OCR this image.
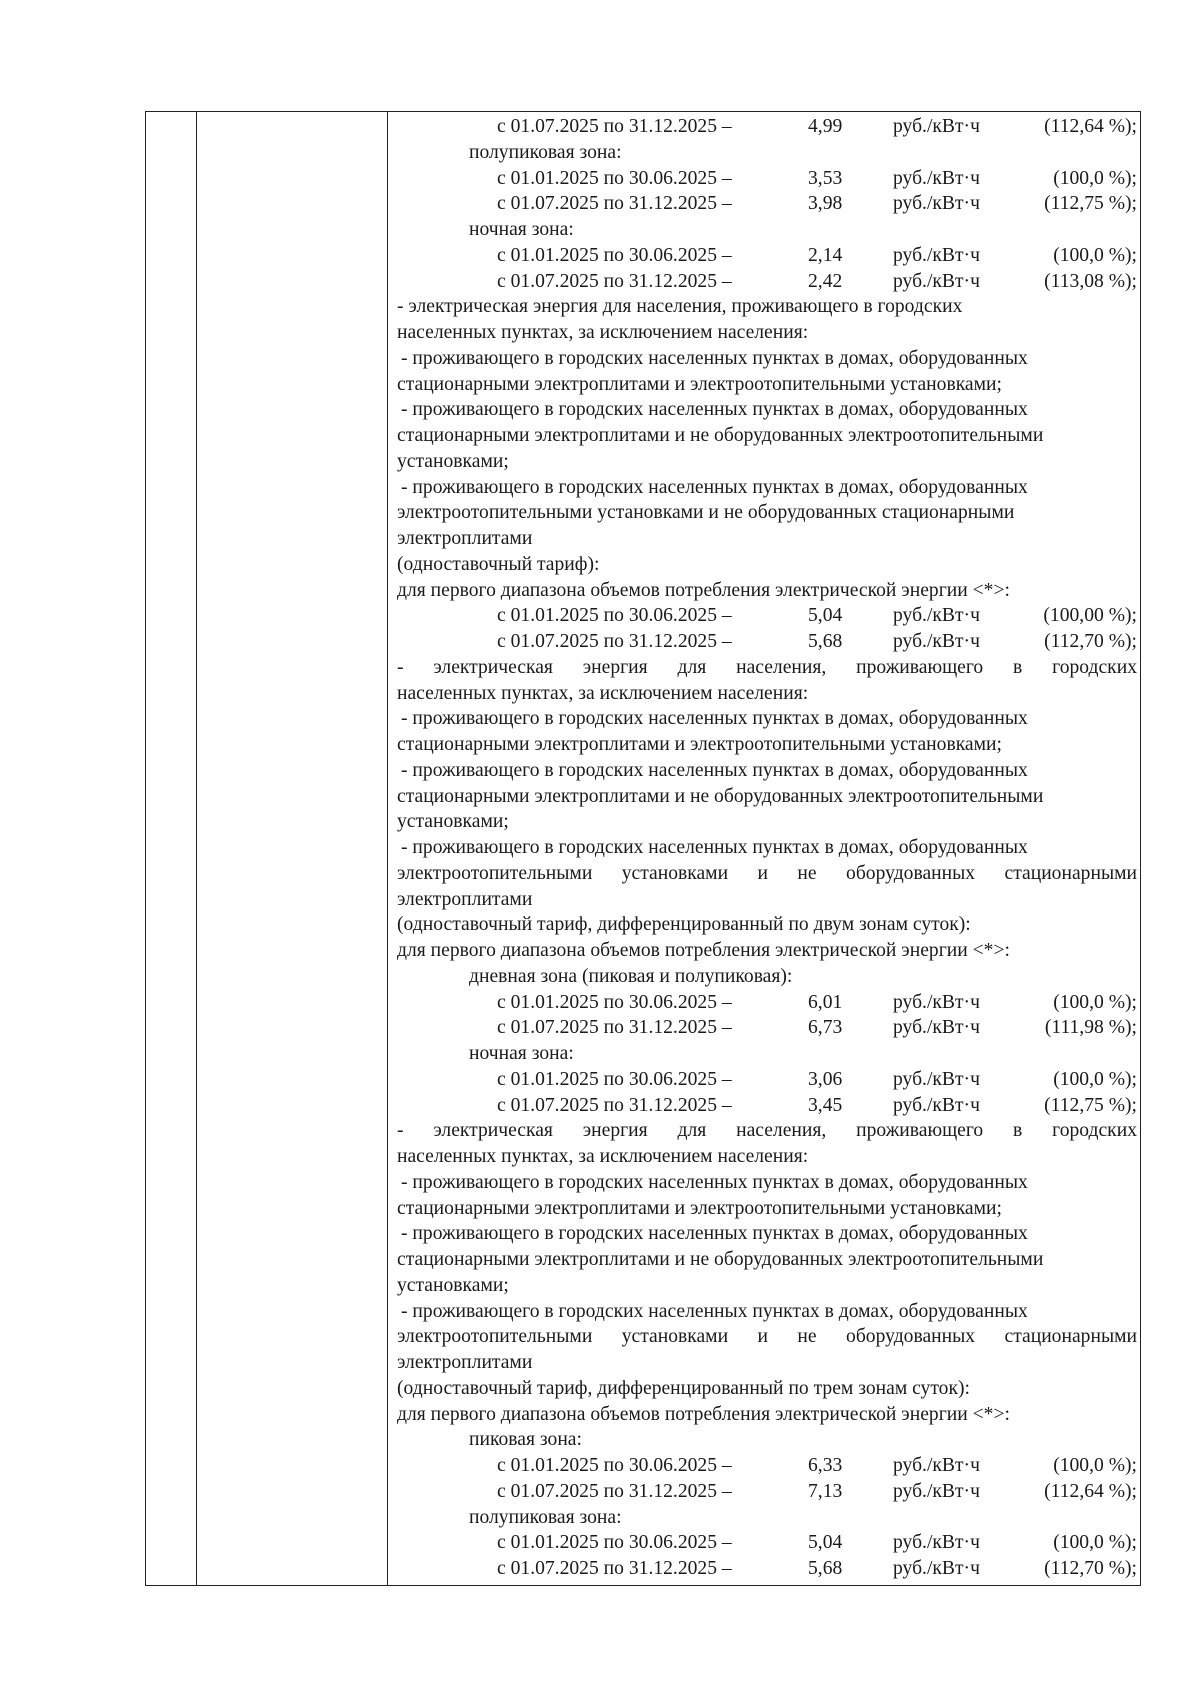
с 01.07.2025 по 31.12.2025 –	4,99	руб./кВт·ч	(112,64 %);
полупиковая зона:
с 01.01.2025 по 30.06.2025 –	3,53	руб./кВт·ч	(100,0 %);
с 01.07.2025 по 31.12.2025 –	3,98	руб./кВт·ч	(112,75 %);
ночная зона:
с 01.01.2025 по 30.06.2025 –	2,14	руб./кВт·ч	(100,0 %);
с 01.07.2025 по 31.12.2025 –	2,42	руб./кВт·ч	(113,08 %);
- электрическая энергия для населения, проживающего в городских
населенных пунктах, за исключением населения:
- проживающего в городских населенных пунктах в домах, оборудованных
стационарными электроплитами и электроотопительными установками;
- проживающего в городских населенных пунктах в домах, оборудованных
стационарными электроплитами и не оборудованных электроотопительными
установками;
- проживающего в городских населенных пунктах в домах, оборудованных
электроотопительными установками и не оборудованных стационарными
электроплитами
(одноставочный тариф):
для первого диапазона объемов потребления электрической энергии <*>:
с 01.01.2025 по 30.06.2025 –	5,04	руб./кВт·ч	(100,00 %);
с 01.07.2025 по 31.12.2025 –	5,68	руб./кВт·ч	(112,70 %);
- электрическая энергия для населения, проживающего в городских
населенных пунктах, за исключением населения:
- проживающего в городских населенных пунктах в домах, оборудованных
стационарными электроплитами и электроотопительными установками;
- проживающего в городских населенных пунктах в домах, оборудованных
стационарными электроплитами и не оборудованных электроотопительными
установками;
- проживающего в городских населенных пунктах в домах, оборудованных
электроотопительными установками и не оборудованных стационарными
электроплитами
(одноставочный тариф, дифференцированный по двум зонам суток):
для первого диапазона объемов потребления электрической энергии <*>:
дневная зона (пиковая и полупиковая):
с 01.01.2025 по 30.06.2025 –	6,01	руб./кВт·ч	(100,0 %);
с 01.07.2025 по 31.12.2025 –	6,73	руб./кВт·ч	(111,98 %);
ночная зона:
с 01.01.2025 по 30.06.2025 –	3,06	руб./кВт·ч	(100,0 %);
с 01.07.2025 по 31.12.2025 –	3,45	руб./кВт·ч	(112,75 %);
- электрическая энергия для населения, проживающего в городских
населенных пунктах, за исключением населения:
- проживающего в городских населенных пунктах в домах, оборудованных
стационарными электроплитами и электроотопительными установками;
- проживающего в городских населенных пунктах в домах, оборудованных
стационарными электроплитами и не оборудованных электроотопительными
установками;
- проживающего в городских населенных пунктах в домах, оборудованных
электроотопительными установками и не оборудованных стационарными
электроплитами
(одноставочный тариф, дифференцированный по трем зонам суток):
для первого диапазона объемов потребления электрической энергии <*>:
пиковая зона:
с 01.01.2025 по 30.06.2025 –	6,33	руб./кВт·ч	(100,0 %);
с 01.07.2025 по 31.12.2025 –	7,13	руб./кВт·ч	(112,64 %);
полупиковая зона:
с 01.01.2025 по 30.06.2025 –	5,04	руб./кВт·ч	(100,0 %);
с 01.07.2025 по 31.12.2025 –	5,68	руб./кВт·ч	(112,70 %);
